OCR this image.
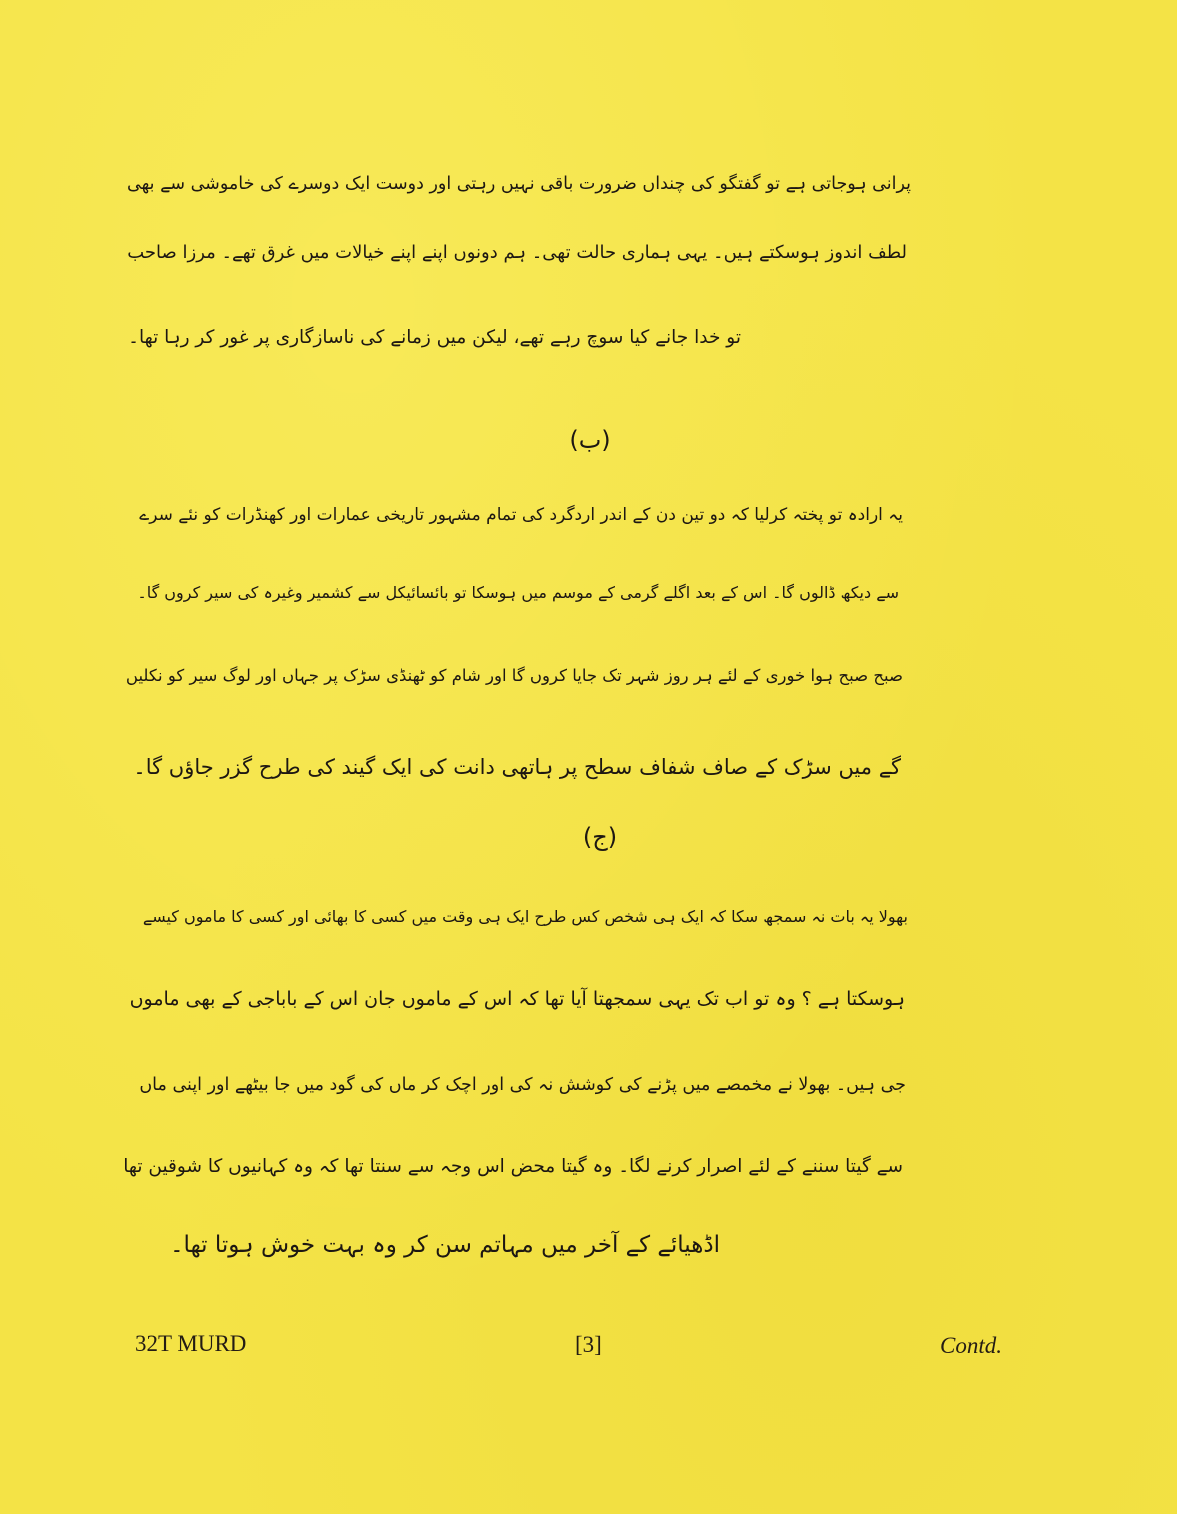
پرانی ہوجاتی ہے تو گفتگو کی چنداں ضرورت باقی نہیں رہتی اور دوست ایک دوسرے کی خاموشی سے بھی
لطف اندوز ہوسکتے ہیں۔ یہی ہماری حالت تھی۔ ہم دونوں اپنے اپنے خیالات میں غرق تھے۔ مرزا صاحب
تو خدا جانے کیا سوچ رہے تھے، لیکن میں زمانے کی ناسازگاری پر غور کر رہا تھا۔
(ب)
یہ ارادہ تو پختہ کرلیا کہ دو تین دن کے اندر اردگرد کی تمام مشہور تاریخی عمارات اور کھنڈرات کو نئے سرے
سے دیکھ ڈالوں گا۔ اس کے بعد اگلے گرمی کے موسم میں ہوسکا تو بائسائیکل سے کشمیر وغیرہ کی سیر کروں گا۔
صبح صبح ہوا خوری کے لئے ہر روز شہر تک جایا کروں گا اور شام کو ٹھنڈی سڑک پر جہاں اور لوگ سیر کو نکلیں
گے میں سڑک کے صاف شفاف سطح پر ہاتھی دانت کی ایک گیند کی طرح گزر جاؤں گا۔
(ج)
بھولا یہ بات نہ سمجھ سکا کہ ایک ہی شخص کس طرح ایک ہی وقت میں کسی کا بھائی اور کسی کا ماموں کیسے
ہوسکتا ہے ؟ وہ تو اب تک یہی سمجھتا آیا تھا کہ اس کے ماموں جان اس کے باباجی کے بھی ماموں
جی ہیں۔ بھولا نے مخمصے میں پڑنے کی کوشش نہ کی اور اچک کر ماں کی گود میں جا بیٹھے اور اپنی ماں
سے گیتا سننے کے لئے اصرار کرنے لگا۔ وہ گیتا محض اس وجہ سے سنتا تھا کہ وہ کہانیوں کا شوقین تھا
اڈھیائے کے آخر میں مہاتم سن کر وہ بہت خوش ہوتا تھا۔
32T MURD	[3]	Contd.
